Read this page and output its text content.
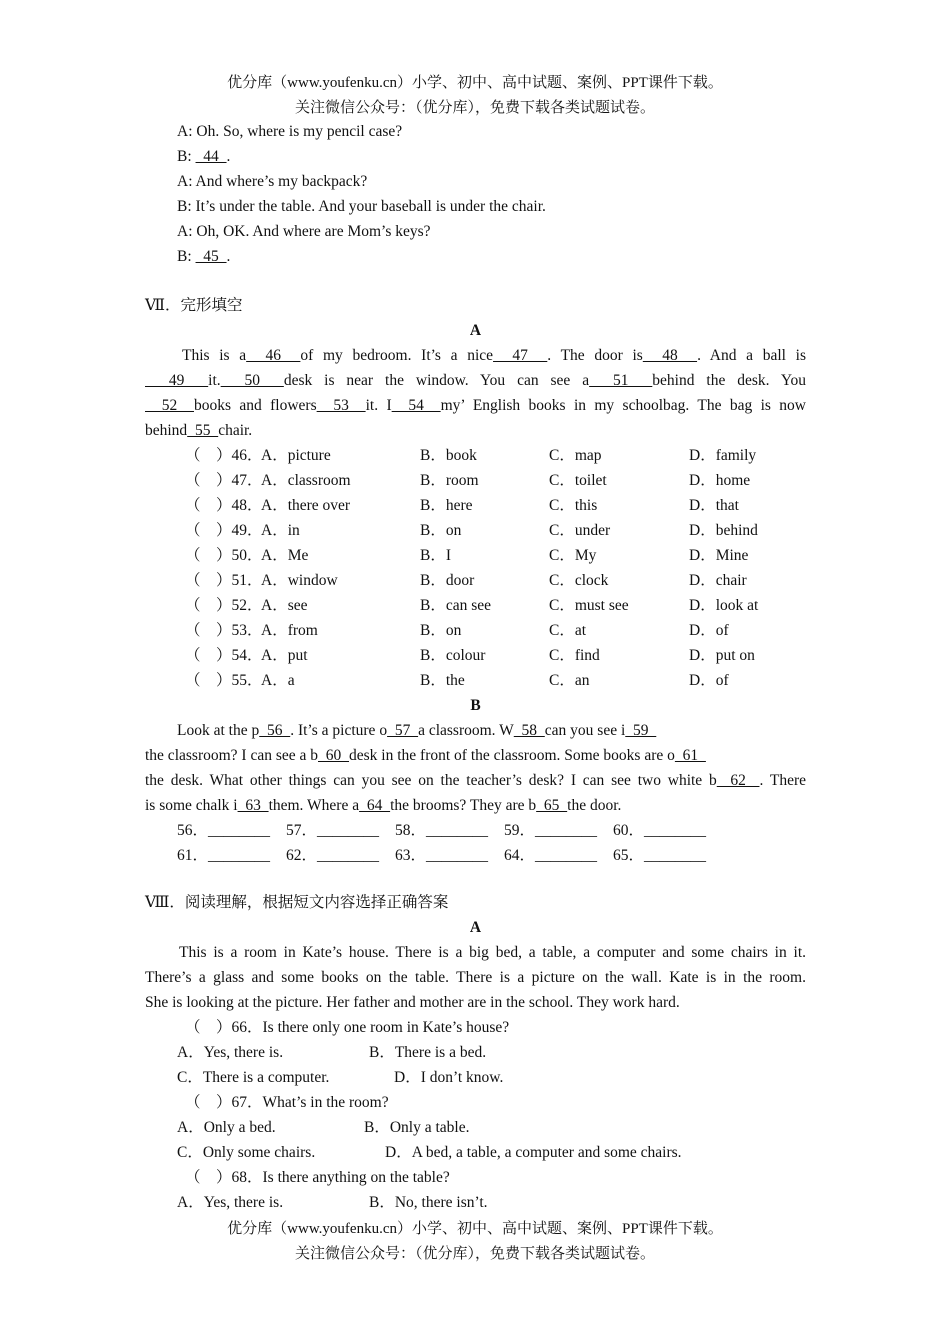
优分库（www.youfenku.cn）小学、初中、高中试题、案例、PPT课件下载。
关注微信公众号：（优分库），免费下载各类试题试卷。
A: Oh. So, where is my pencil case?
B:   44  .
A: And where’s my backpack?
B: It’s under the table. And your baseball is under the chair.
A: Oh, OK. And where are Mom’s keys?
B:   45  .
Ⅶ．完形填空
A
This is a  46  of my bedroom. It’s a nice  47  . The door is  48  . And a ball is
49  it.  50  desk is near the window. You can see a  51  behind the desk. You
52  books and flowers  53  it. I  54  my’ English books in my schoolbag. The bag is now
behind  55  chair.
（　）46．
A．picture	B．book	C．map	D．family
（　）47．
A．classroom	B．room	C．toilet	D．home
（　）48．
A．there over	B．here	C．this	D．that
（　）49．
A．in	B．on	C．under	D．behind
（　）50．
A．Me	B．I	C．My	D．Mine
（　）51．
A．window	B．door	C．clock	D．chair
（　）52．
A．see	B．can see	C．must see	D．look at
（　）53．
A．from	B．on	C．at	D．of
（　）54．
A．put	B．colour	C．find	D．put on
（　）55．
A．a	B．the	C．an	D．of
B
Look at the p  56  . It’s a picture o  57  a classroom. W  58  can you see i  59
the classroom? I can see a b  60  desk in the front of the classroom. Some books are o  61
the desk. What other things can you see on the teacher’s desk? I can see two white b  62  . There
is some chalk i  63  them. Where a  64  the brooms? They are b  65  the door.
56．________ 57．________ 58．________ 59．________ 60．________
61．________ 62．________ 63．________ 64．________ 65．________
Ⅷ．阅读理解，根据短文内容选择正确答案
A
This is a room in Kate’s house. There is a big bed, a table, a computer and some chairs in it.
There’s a glass and some books on the table. There is a picture on the wall. Kate is in the room.
She is looking at the picture. Her father and mother are in the school. They work hard.
（　）66．Is there only one room in Kate’s house?
A．Yes, there is.	B．There is a bed.
C．There is a computer.	D．I don’t know.
（　）67．What’s in the room?
A．Only a bed.	B．Only a table.
C．Only some chairs.	D．A bed, a table, a computer and some chairs.
（　）68．Is there anything on the table?
A．Yes, there is.	B．No, there isn’t.
优分库（www.youfenku.cn）小学、初中、高中试题、案例、PPT课件下载。
关注微信公众号：（优分库），免费下载各类试题试卷。
